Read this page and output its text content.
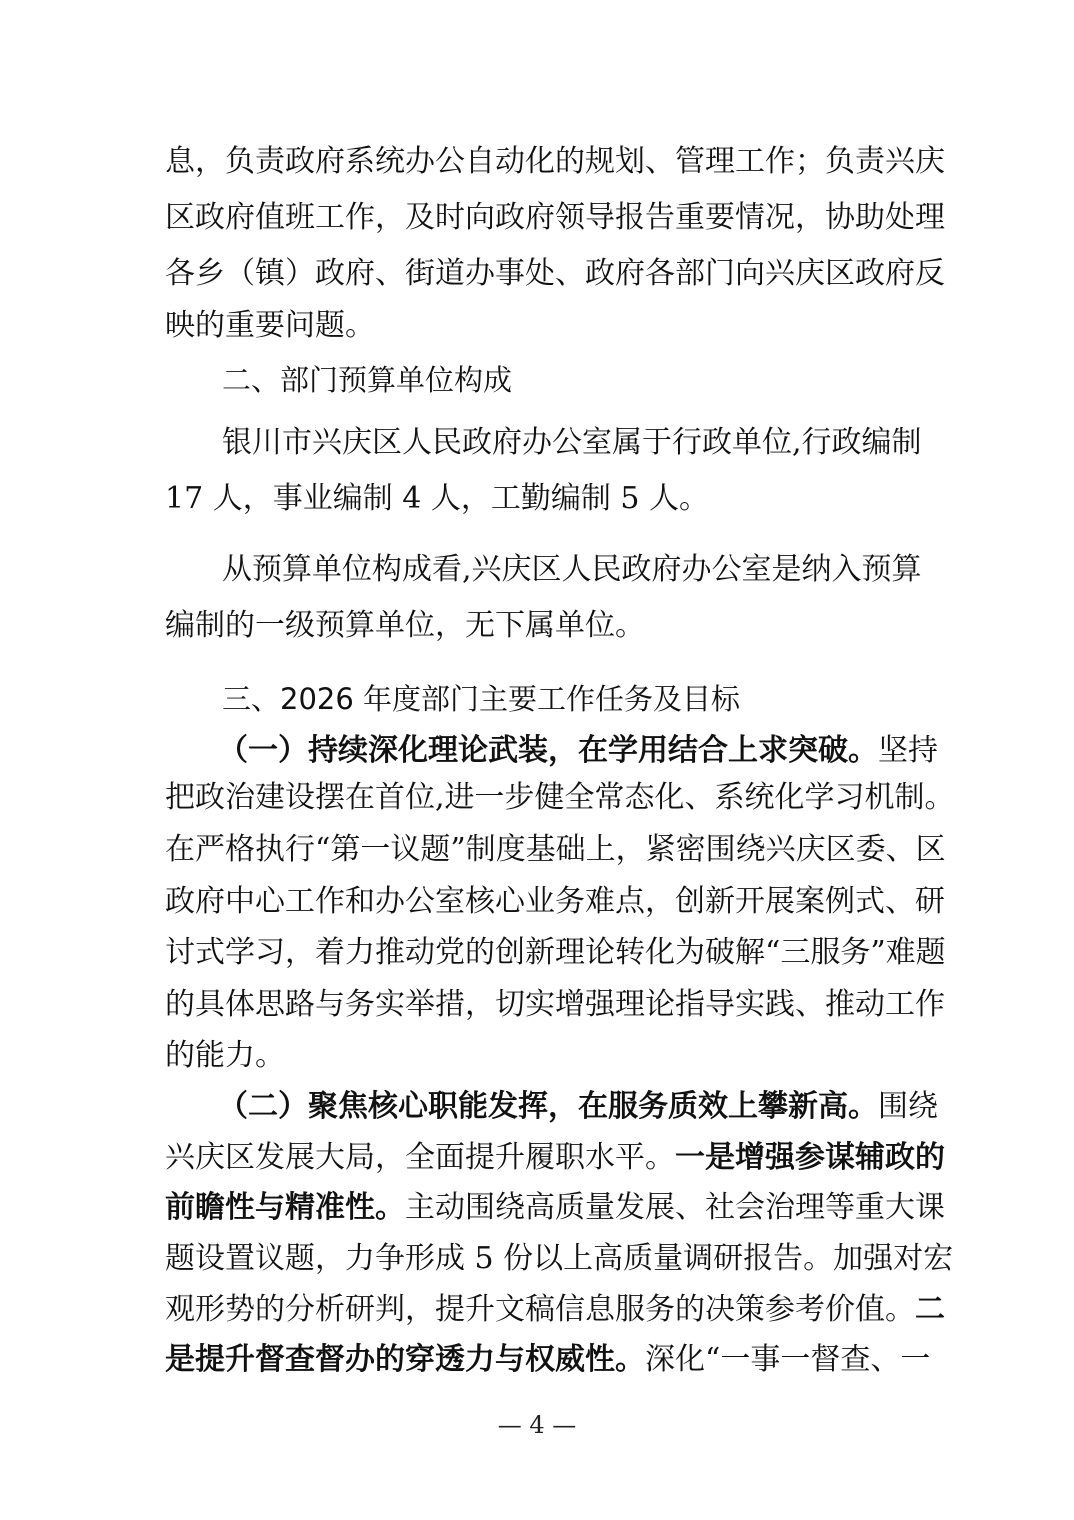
息，负责政府系统办公自动化的规划、管理工作；负责兴庆
区政府值班工作，及时向政府领导报告重要情况，协助处理
各乡（镇）政府、街道办事处、政府各部门向兴庆区政府反
映的重要问题。
二、部门预算单位构成
银川市兴庆区人民政府办公室属于行政单位,行政编制
17 人，事业编制 4 人，工勤编制 5 人。
从预算单位构成看,兴庆区人民政府办公室是纳入预算
编制的一级预算单位，无下属单位。
三、2026 年度部门主要工作任务及目标
（一）持续深化理论武装，在学用结合上求突破。坚持
把政治建设摆在首位,进一步健全常态化、系统化学习机制。
在严格执行“第一议题”制度基础上，紧密围绕兴庆区委、区
政府中心工作和办公室核心业务难点，创新开展案例式、研
讨式学习，着力推动党的创新理论转化为破解“三服务”难题
的具体思路与务实举措，切实增强理论指导实践、推动工作
的能力。
（二）聚焦核心职能发挥，在服务质效上攀新高。围绕
兴庆区发展大局，全面提升履职水平。一是增强参谋辅政的
前瞻性与精准性。主动围绕高质量发展、社会治理等重大课
题设置议题，力争形成 5 份以上高质量调研报告。加强对宏
观形势的分析研判，提升文稿信息服务的决策参考价值。二
是提升督查督办的穿透力与权威性。深化“一事一督查、一
— 4 —
